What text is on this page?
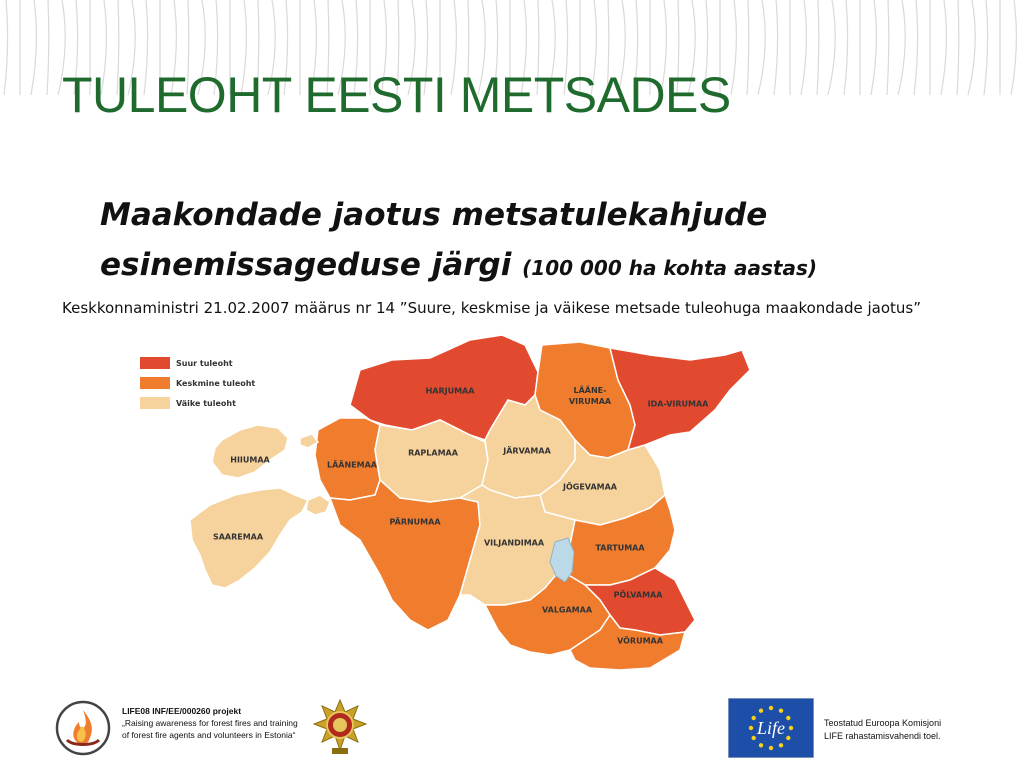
TULEOHT EESTI METSADES
Maakondade jaotus metsatulekahjude
esinemissageduse järgi (100 000 ha kohta aastas)
Keskkonnaministri 21.02.2007 määrus nr 14 ”Suure, keskmise ja väikese metsade tuleohuga maakondade jaotus”
Suur tuleoht
Keskmine tuleoht
Väike tuleoht
HARJUMAA	LÄÄNE-
VIRUMAA	IDA-VIRUMAA
HIIUMAA
LÄÄNEMAA
RAPLAMAA	JÄRVAMAA
JÕGEVAMAA
SAAREMAA
PÄRNUMAA
VILJANDIMAA
TARTUMAA
PÕLVAMAA
VALGAMAA
VÕRUMAA
LIFE08 INF/EE/000260 projekt
„Raising awareness for forest fires and training of forest fire agents and volunteers in Estonia“	Life	Teostatud Euroopa Komisjoni
LIFE rahastamisvahendi toel.
